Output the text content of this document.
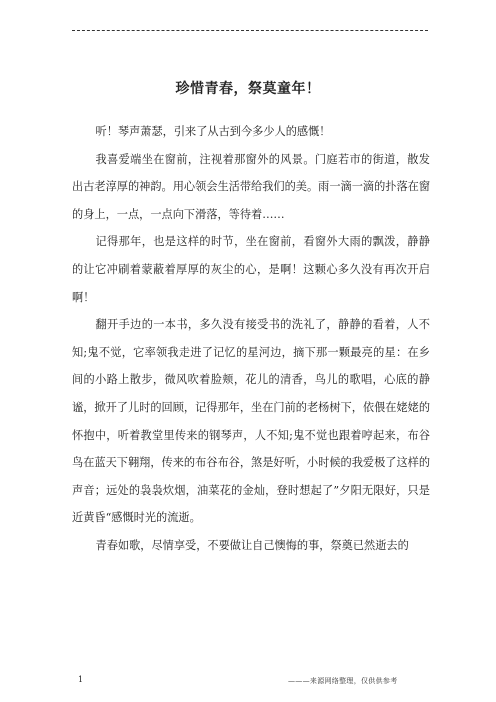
珍惜青春，祭莫童年！

听！琴声萧瑟，引来了从古到今多少人的感慨！

我喜爱端坐在窗前，注视着那窗外的风景。门庭若市的街道，散发出古老淳厚的神韵。用心领会生活带给我们的美。雨一滴一滴的扑落在窗的身上，一点，一点向下滑落，等待着……

记得那年，也是这样的时节，坐在窗前，看窗外大雨的飘泼，静静的让它冲刷着蒙蔽着厚厚的灰尘的心，是啊！这颗心多久没有再次开启啊！

翻开手边的一本书，多久没有接受书的洗礼了，静静的看着，人不知;鬼不觉，它率领我走进了记忆的星河边，摘下那一颗最亮的星：在乡间的小路上散步，微风吹着脸颊，花儿的清香，鸟儿的歌唱，心底的静谧，掀开了儿时的回顾，记得那年，坐在门前的老杨树下，依偎在姥姥的怀抱中，听着教堂里传来的钢琴声，人不知;鬼不觉也跟着哼起来，布谷鸟在蓝天下翱翔，传来的布谷布谷，煞是好听，小时候的我爱极了这样的声音；远处的袅袅炊烟，油菜花的金灿，登时想起了”夕阳无限好，只是近黄昏“感慨时光的流逝。

青春如歌，尽情享受，不要做让自己懊悔的事，祭奠已然逝去的

1	———来源网络整理，仅供供参考
